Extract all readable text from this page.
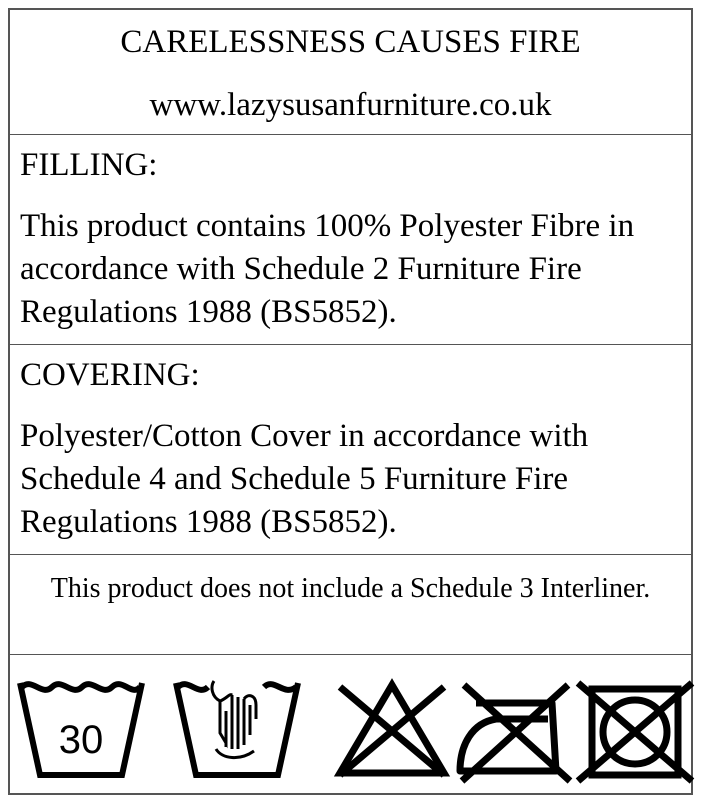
CARELESSNESS CAUSES FIRE
www.lazysusanfurniture.co.uk
FILLING:
This product contains 100% Polyester Fibre in accordance with Schedule 2 Furniture Fire Regulations 1988 (BS5852).
COVERING:
Polyester/Cotton Cover in accordance with Schedule 4 and Schedule 5 Furniture Fire Regulations 1988 (BS5852).
This product does not include a Schedule 3 Interliner.
30
